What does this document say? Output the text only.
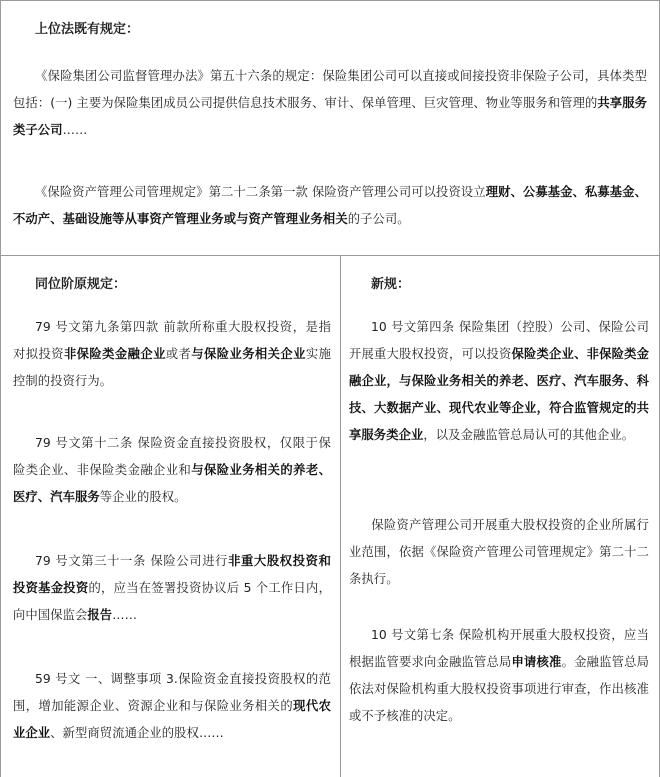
上位法既有规定：
《保险集团公司监督管理办法》第五十六条的规定：保险集团公司可以直接或间接投资非保险子公司，具体类型包括：(一) 主要为保险集团成员公司提供信息技术服务、审计、保单管理、巨灾管理、物业等服务和管理的共享服务类子公司……
《保险资产管理公司管理规定》第二十二条第一款 保险资产管理公司可以投资设立理财、公募基金、私募基金、不动产、基础设施等从事资产管理业务或与资产管理业务相关的子公司。
同位阶原规定：
79 号文第九条第四款 前款所称重大股权投资，是指对拟投资非保险类金融企业或者与保险业务相关企业实施控制的投资行为。
79 号文第十二条 保险资金直接投资股权，仅限于保险类企业、非保险类金融企业和与保险业务相关的养老、医疗、汽车服务等企业的股权。
79 号文第三十一条 保险公司进行非重大股权投资和投资基金投资的，应当在签署投资协议后 5 个工作日内，向中国保监会报告……
59 号文 一、调整事项 3.保险资金直接投资股权的范围，增加能源企业、资源企业和与保险业务相关的现代农业企业、新型商贸流通企业的股权……
新规：
10 号文第四条 保险集团（控股）公司、保险公司开展重大股权投资，可以投资保险类企业、非保险类金融企业，与保险业务相关的养老、医疗、汽车服务、科技、大数据产业、现代农业等企业，符合监管规定的共享服务类企业，以及金融监管总局认可的其他企业。
保险资产管理公司开展重大股权投资的企业所属行业范围，依据《保险资产管理公司管理规定》第二十二条执行。
10 号文第七条 保险机构开展重大股权投资，应当根据监管要求向金融监管总局申请核准。金融监管总局依法对保险机构重大股权投资事项进行审查，作出核准或不予核准的决定。
